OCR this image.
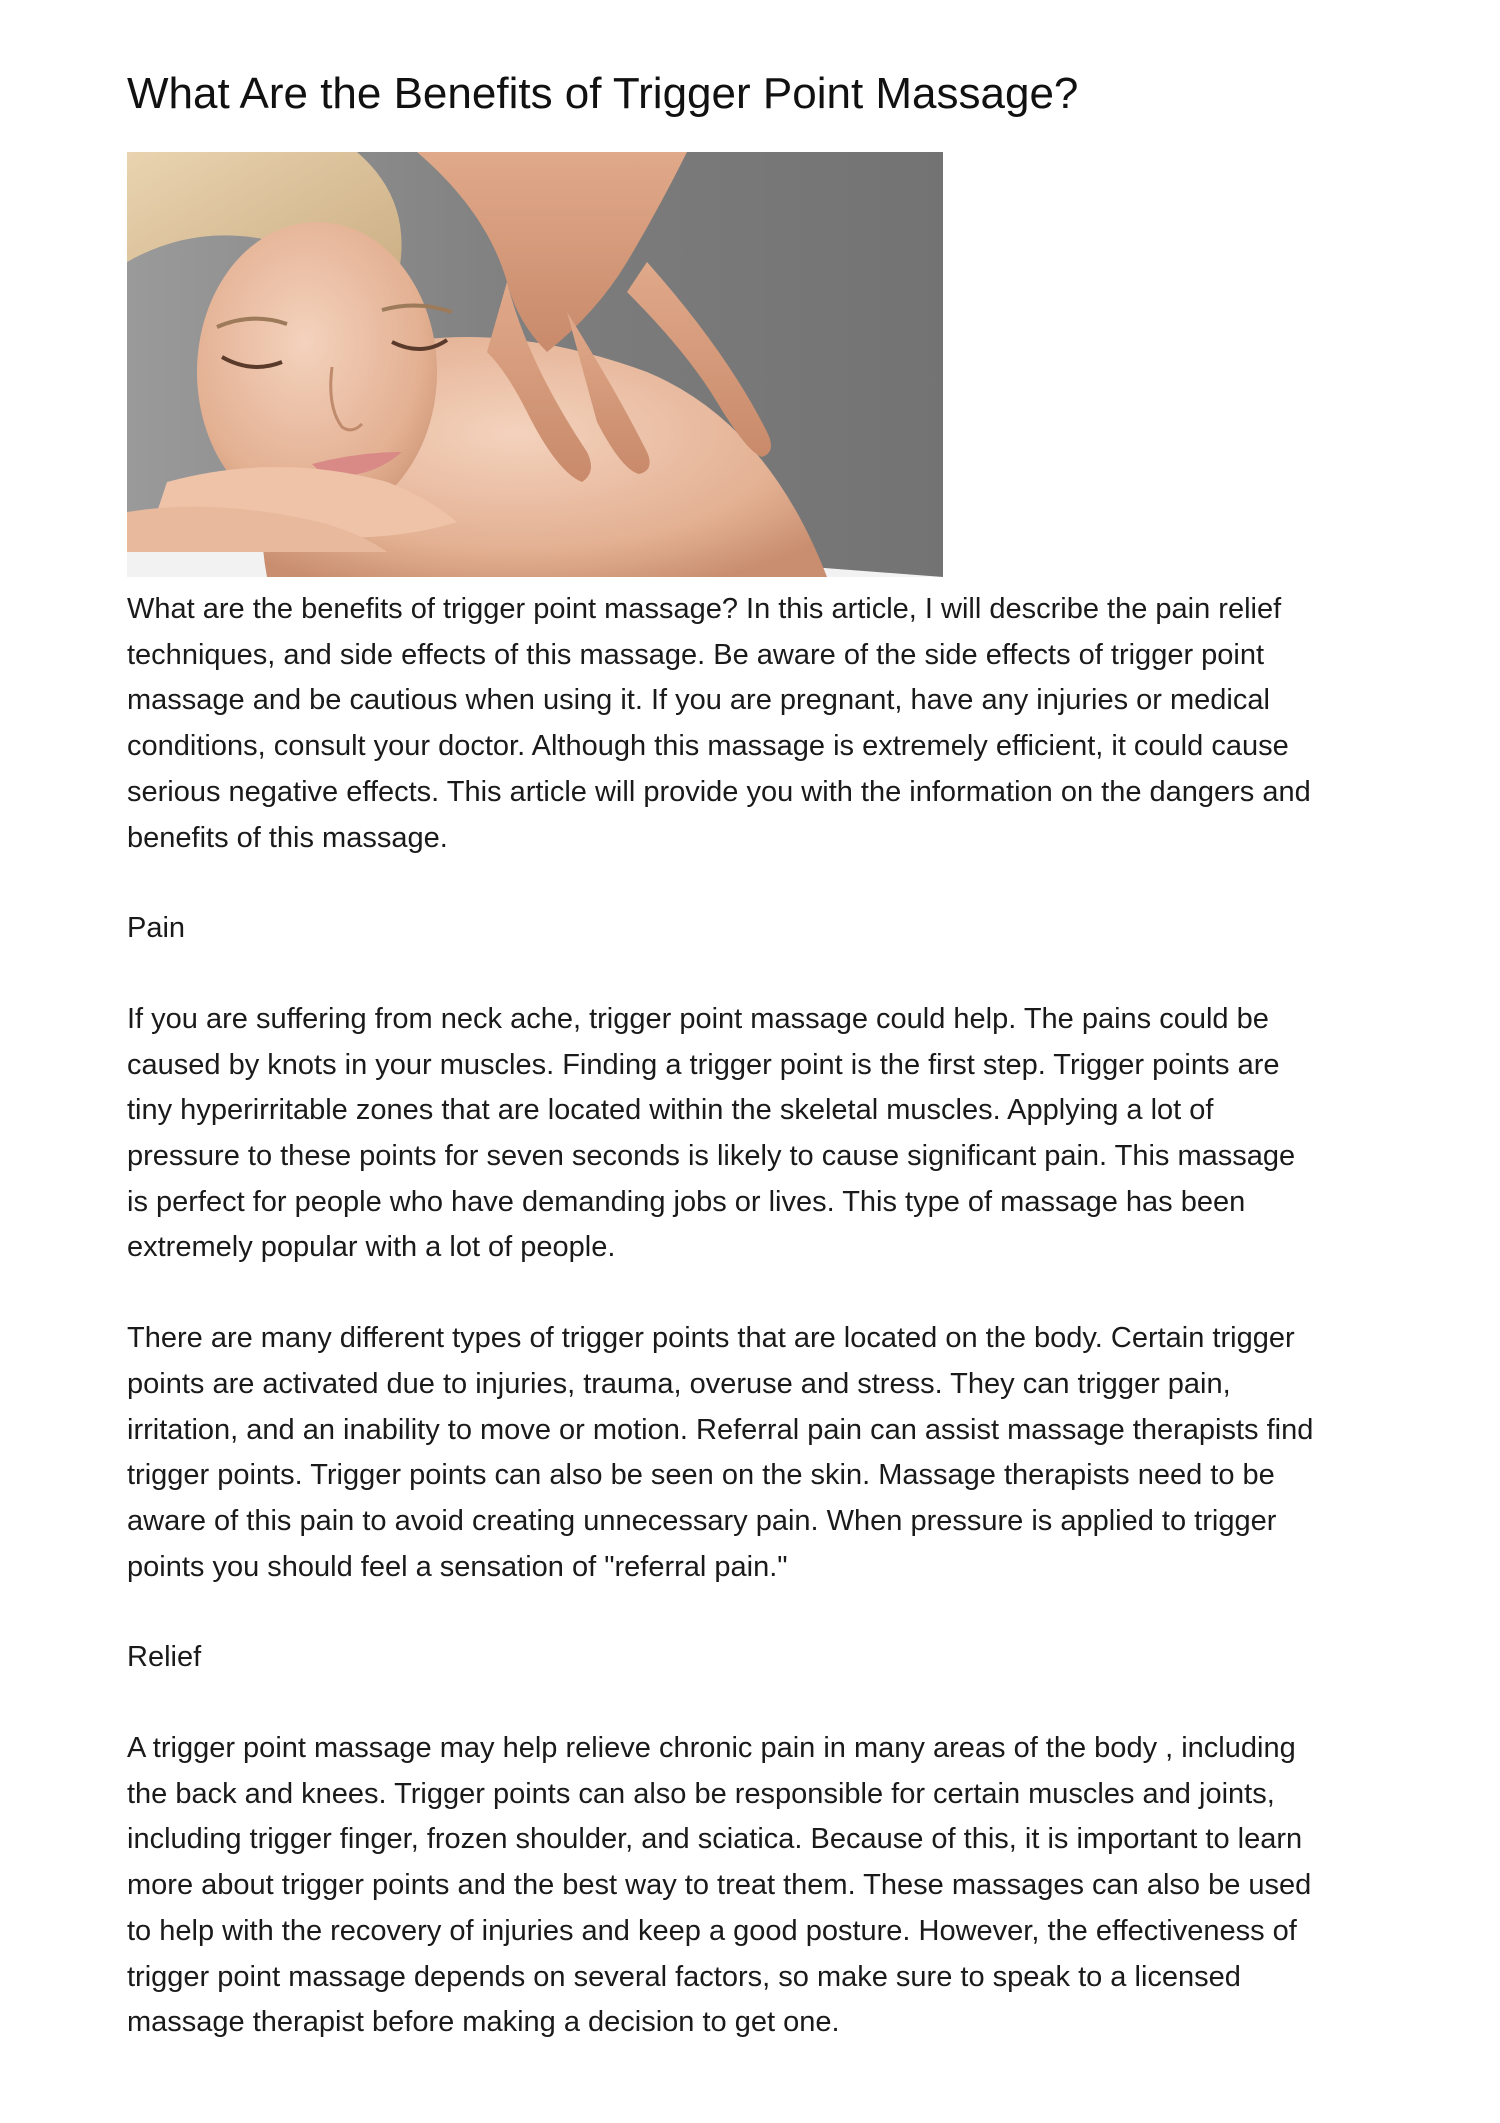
What Are the Benefits of Trigger Point Massage?

What are the benefits of trigger point massage? In this article, I will describe the pain relief
techniques, and side effects of this massage. Be aware of the side effects of trigger point
massage and be cautious when using it. If you are pregnant, have any injuries or medical
conditions, consult your doctor. Although this massage is extremely efficient, it could cause
serious negative effects. This article will provide you with the information on the dangers and
benefits of this massage.

Pain

If you are suffering from neck ache, trigger point massage could help. The pains could be
caused by knots in your muscles. Finding a trigger point is the first step. Trigger points are
tiny hyperirritable zones that are located within the skeletal muscles. Applying a lot of
pressure to these points for seven seconds is likely to cause significant pain. This massage
is perfect for people who have demanding jobs or lives. This type of massage has been
extremely popular with a lot of people.

There are many different types of trigger points that are located on the body. Certain trigger
points are activated due to injuries, trauma, overuse and stress. They can trigger pain,
irritation, and an inability to move or motion. Referral pain can assist massage therapists find
trigger points. Trigger points can also be seen on the skin. Massage therapists need to be
aware of this pain to avoid creating unnecessary pain. When pressure is applied to trigger
points you should feel a sensation of "referral pain."

Relief

A trigger point massage may help relieve chronic pain in many areas of the body , including
the back and knees. Trigger points can also be responsible for certain muscles and joints,
including trigger finger, frozen shoulder, and sciatica. Because of this, it is important to learn
more about trigger points and the best way to treat them. These massages can also be used
to help with the recovery of injuries and keep a good posture. However, the effectiveness of
trigger point massage depends on several factors, so make sure to speak to a licensed
massage therapist before making a decision to get one.
